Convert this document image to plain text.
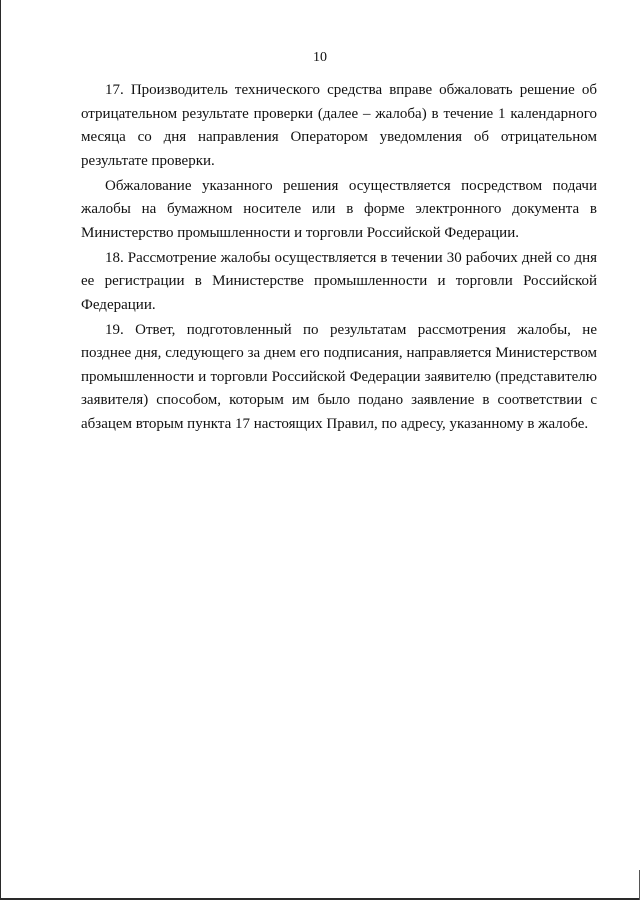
10

17. Производитель технического средства вправе обжаловать решение об отрицательном результате проверки (далее – жалоба) в течение 1 календарного месяца со дня направления Оператором уведомления об отрицательном результате проверки.

Обжалование указанного решения осуществляется посредством подачи жалобы на бумажном носителе или в форме электронного документа в Министерство промышленности и торговли Российской Федерации.

18. Рассмотрение жалобы осуществляется в течении 30 рабочих дней со дня ее регистрации в Министерстве промышленности и торговли Российской Федерации.

19. Ответ, подготовленный по результатам рассмотрения жалобы, не позднее дня, следующего за днем его подписания, направляется Министерством промышленности и торговли Российской Федерации заявителю (представителю заявителя) способом, которым им было подано заявление в соответствии с абзацем вторым пункта 17 настоящих Правил, по адресу, указанному в жалобе.
